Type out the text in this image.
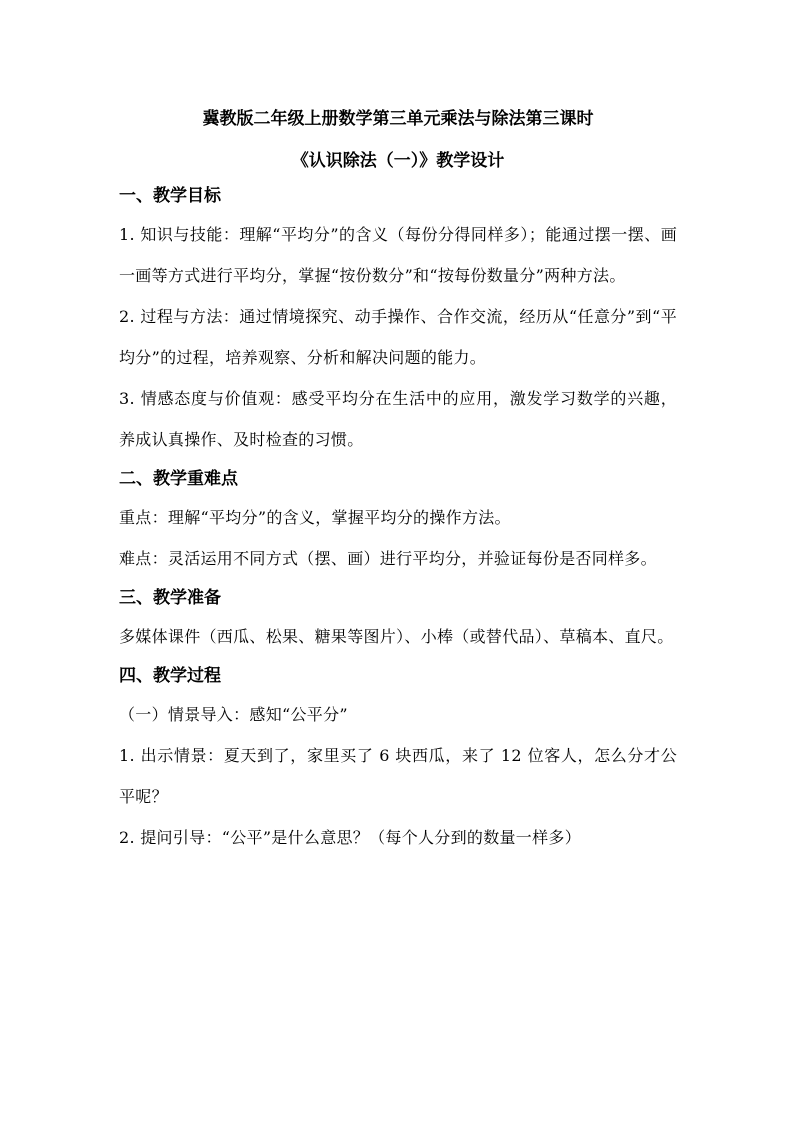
冀教版二年级上册数学第三单元乘法与除法第三课时

《认识除法（一）》教学设计

一、教学目标

1. 知识与技能：理解“平均分”的含义（每份分得同样多）；能通过摆一摆、画一画等方式进行平均分，掌握“按份数分”和“按每份数量分”两种方法。

2. 过程与方法：通过情境探究、动手操作、合作交流，经历从“任意分”到“平均分”的过程，培养观察、分析和解决问题的能力。

3. 情感态度与价值观：感受平均分在生活中的应用，激发学习数学的兴趣，养成认真操作、及时检查的习惯。

二、教学重难点

重点：理解“平均分”的含义，掌握平均分的操作方法。

难点：灵活运用不同方式（摆、画）进行平均分，并验证每份是否同样多。

三、教学准备

多媒体课件（西瓜、松果、糖果等图片）、小棒（或替代品）、草稿本、直尺。

四、教学过程

（一）情景导入：感知“公平分”

1. 出示情景：夏天到了，家里买了 6 块西瓜，来了 12 位客人，怎么分才公平呢？

2. 提问引导：“公平”是什么意思？（每个人分到的数量一样多）
